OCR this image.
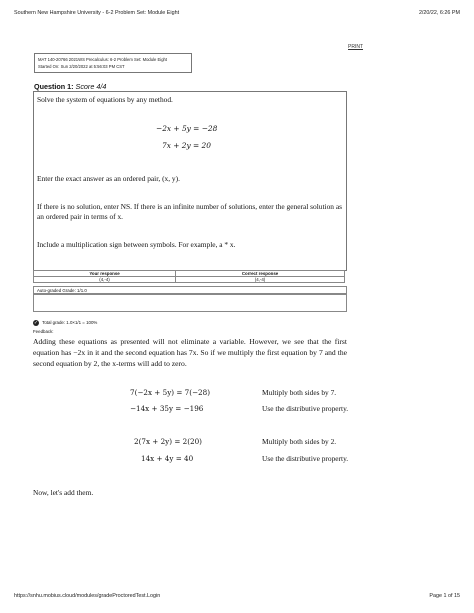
Southern New Hampshire University - 6-2 Problem Set: Module Eight	2/20/22, 6:26 PM
PRINT
MAT 140-20766 2021WS Precalculus: 6-2 Problem Set: Module Eight
Started On: Sun 2/20/2022 at 5:56:03 PM CST
Question 1: Score 4/4
Solve the system of equations by any method.
−2x + 5y = −28
7x + 2y = 20
Enter the exact answer as an ordered pair, (x, y).
If there is no solution, enter NS. If there is an infinite number of solutions, enter the general solution as an ordered pair in terms of x.
Include a multiplication sign between symbols. For example, a * x.
Your response	Correct response
(4,-4)	(4,-4)
Auto-graded Grade: 1/1.0
✓ Total grade: 1.0×1/1 = 100%
Feedback:
Adding these equations as presented will not eliminate a variable. However, we see that the first equation has −2x in it and the second equation has 7x. So if we multiply the first equation by 7 and the second equation by 2, the x-terms will add to zero.
7(−2x + 5y) = 7(−28)	Multiply both sides by 7.
−14x + 35y = −196	Use the distributive property.
2(7x + 2y) = 2(20)	Multiply both sides by 2.
14x + 4y = 40	Use the distributive property.
Now, let's add them.
https://snhu.mobius.cloud/modules/gradeProctoredTest.Login	Page 1 of 15
